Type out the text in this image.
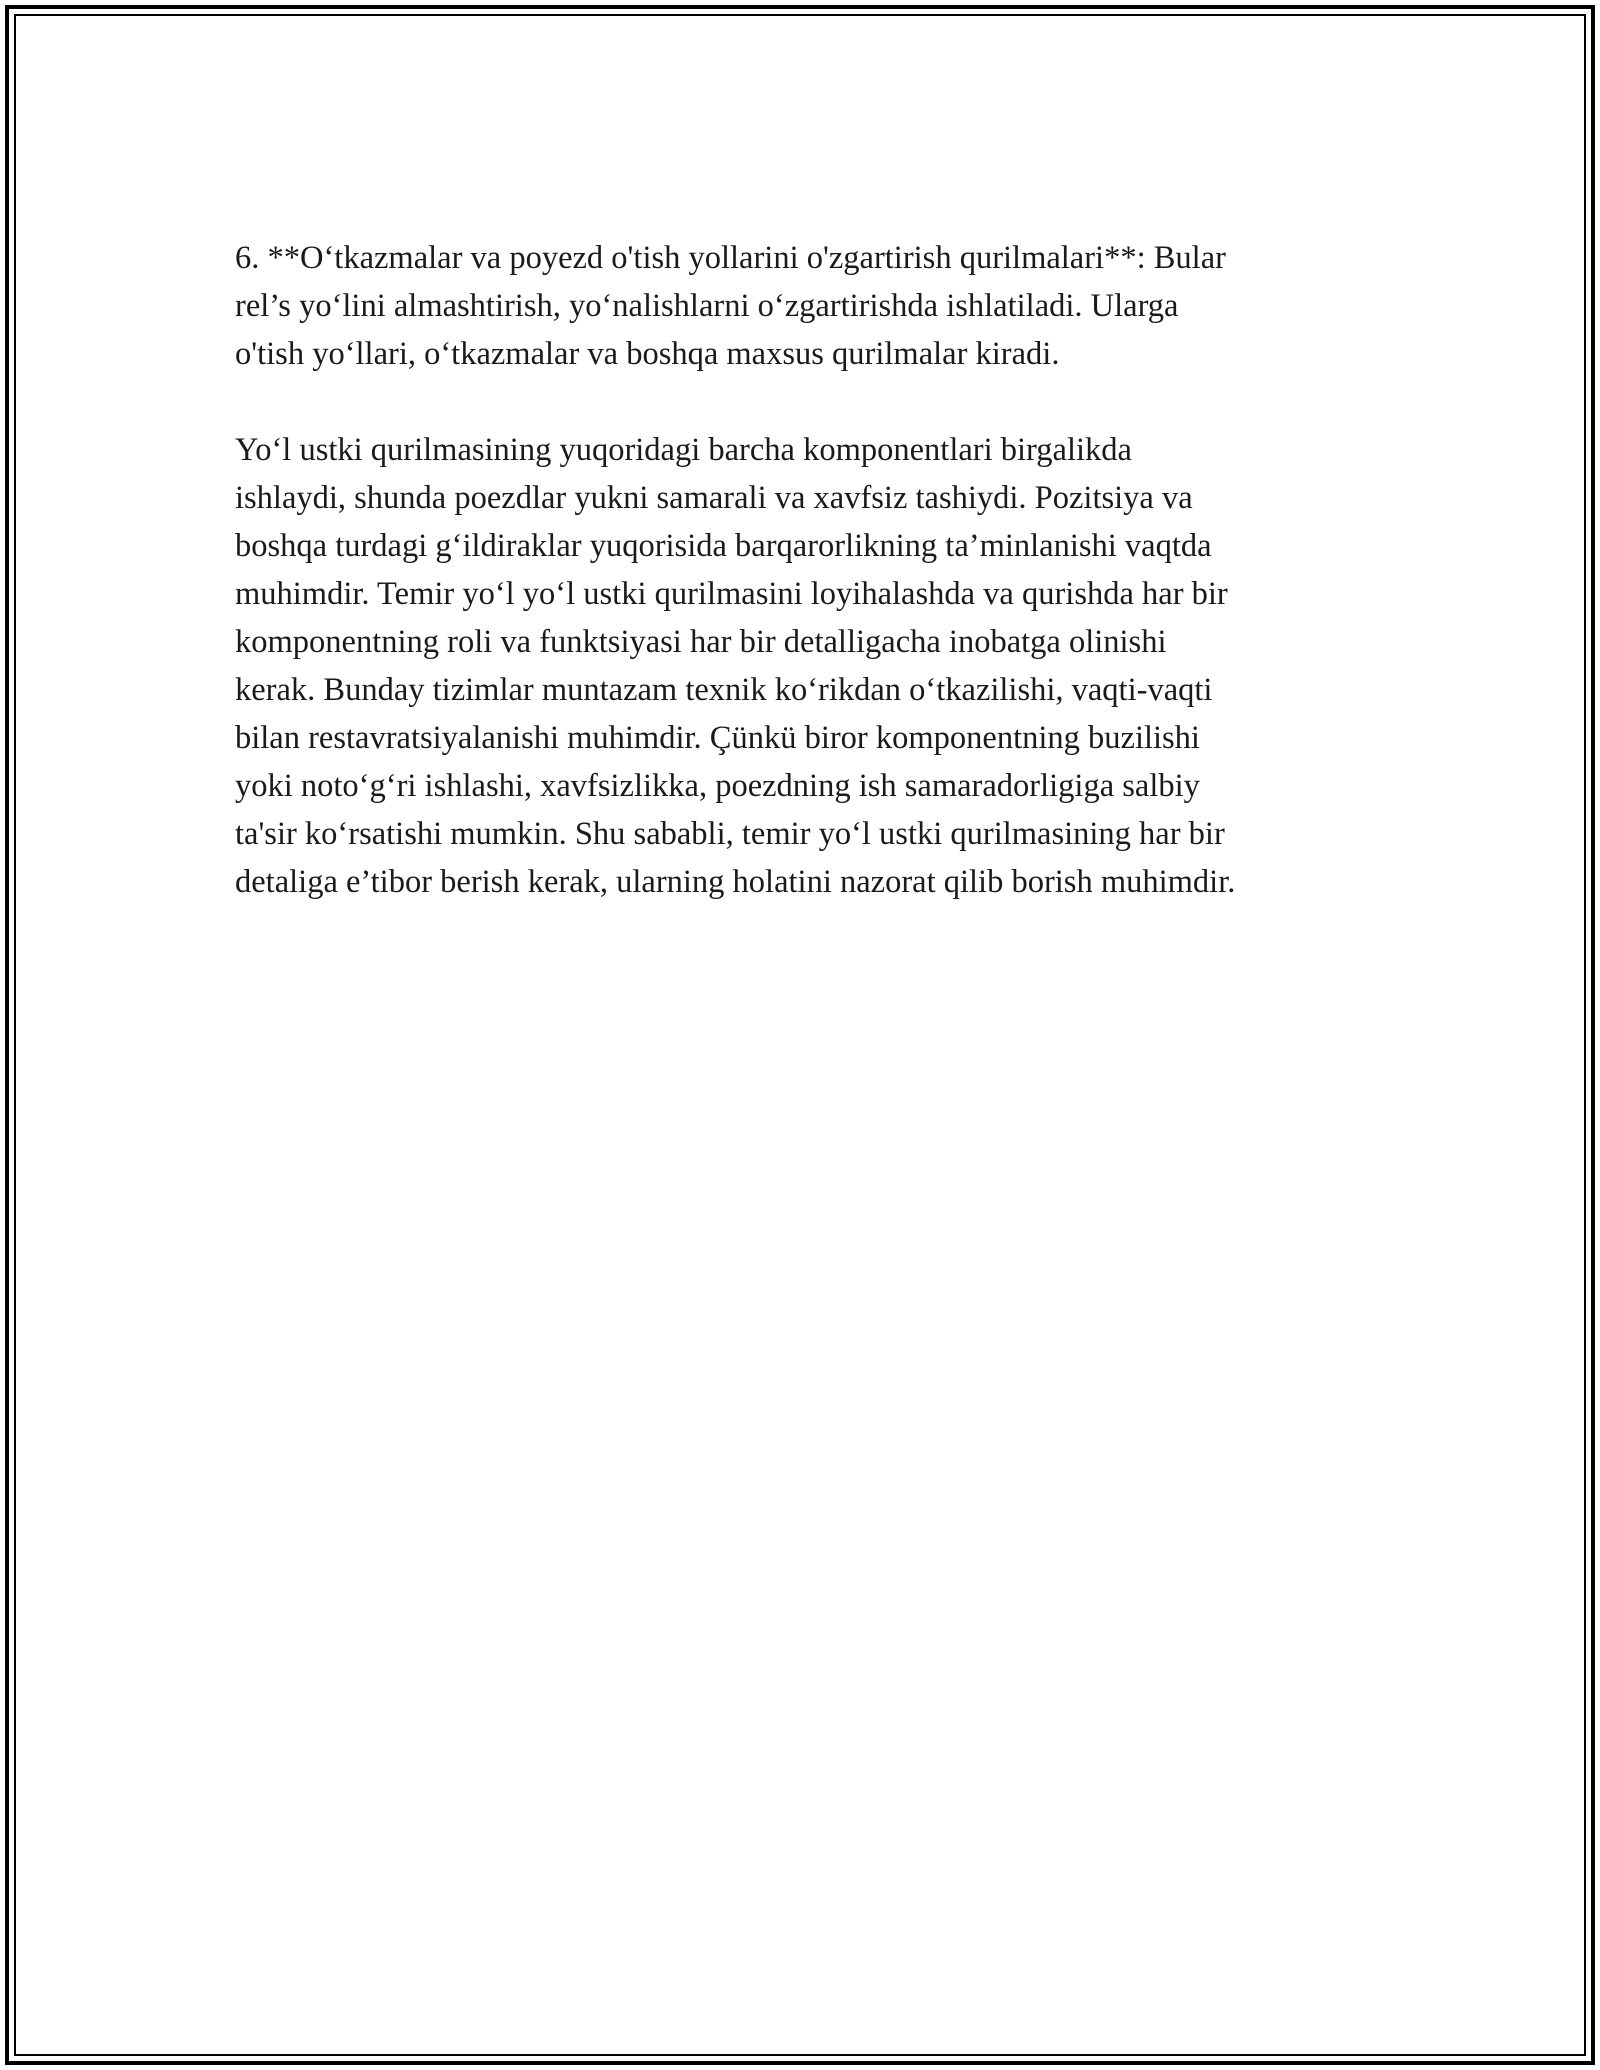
6. **O‘tkazmalar va poyezd o'tish yollarini o'zgartirish qurilmalari**: Bular
rel’s yo‘lini almashtirish, yo‘nalishlarni o‘zgartirishda ishlatiladi. Ularga
o'tish yo‘llari, o‘tkazmalar va boshqa maxsus qurilmalar kiradi.

Yo‘l ustki qurilmasining yuqoridagi barcha komponentlari birgalikda
ishlaydi, shunda poezdlar yukni samarali va xavfsiz tashiydi. Pozitsiya va
boshqa turdagi g‘ildiraklar yuqorisida barqarorlikning ta’minlanishi vaqtda
muhimdir. Temir yo‘l yo‘l ustki qurilmasini loyihalashda va qurishda har bir
komponentning roli va funktsiyasi har bir detalligacha inobatga olinishi
kerak. Bunday tizimlar muntazam texnik ko‘rikdan o‘tkazilishi, vaqti-vaqti
bilan restavratsiyalanishi muhimdir. Çünkü biror komponentning buzilishi
yoki noto‘g‘ri ishlashi, xavfsizlikka, poezdning ish samaradorligiga salbiy
ta'sir ko‘rsatishi mumkin. Shu sababli, temir yo‘l ustki qurilmasining har bir
detaliga e’tibor berish kerak, ularning holatini nazorat qilib borish muhimdir.
